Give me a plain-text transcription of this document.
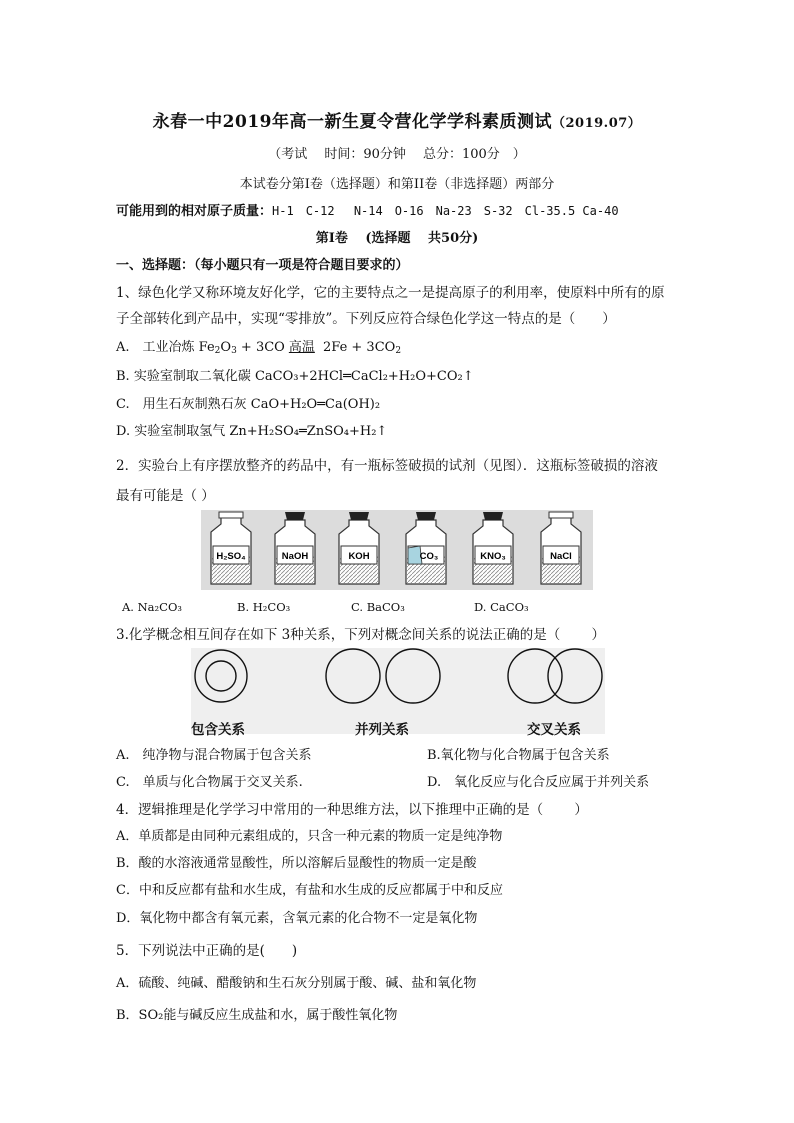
永春一中2019年高一新生夏令营化学学科素质测试（2019.07）
（考试　 时间：90分钟　 总分：100分　）
本试卷分第Ⅰ卷（选择题）和第II卷（非选择题）两部分
可能用到的相对原子质量：H-1　C-12　 N-14　O-16　Na-23　S-32　Cl-35.5 Ca-40
第Ⅰ卷　 (选择题　 共50分)
一、选择题：（每小题只有一项是符合题目要求的）
1、绿色化学又称环境友好化学，它的主要特点之一是提高原子的利用率，使原料中所有的原
子全部转化到产品中，实现“零排放”。下列反应符合绿色化学这一特点的是（　　）
A.　工业冶炼 $Fe_2O_3 + 3CO$ 高温 $2Fe + 3CO_2$
B. 实验室制取二氧化碳 CaCO₃+2HCl═CaCl₂+H₂O+CO₂↑
C.　用生石灰制熟石灰 CaO+H₂O═Ca(OH)₂
D. 实验室制取氢气 Zn+H₂SO₄═ZnSO₄+H₂↑
2．实验台上有序摆放整齐的药品中，有一瓶标签破损的试剂（见图）．这瓶标签破损的溶液
最有可能是（ ）
H₂SO₄	NaOH	KOH	CO₃	KNO₃	NaCl
A. Na₂CO₃	B. H₂CO₃	C. BaCO₃	D. CaCO₃
3.化学概念相互间存在如下 3种关系，下列对概念间关系的说法正确的是（　　 ）
包含关系	并列关系	交叉关系
A.　纯净物与混合物属于包含关系	B.氧化物与化合物属于包含关系
C.　单质与化合物属于交叉关系.	D.　氧化反应与化合反应属于并列关系
4．逻辑推理是化学学习中常用的一种思维方法，以下推理中正确的是（　　 ）
A．单质都是由同种元素组成的，只含一种元素的物质一定是纯净物
B．酸的水溶液通常显酸性，所以溶解后显酸性的物质一定是酸
C．中和反应都有盐和水生成，有盐和水生成的反应都属于中和反应
D．氧化物中都含有氧元素，含氧元素的化合物不一定是氧化物
5．下列说法中正确的是(　　)
A．硫酸、纯碱、醋酸钠和生石灰分别属于酸、碱、盐和氧化物
B．SO₂能与碱反应生成盐和水，属于酸性氧化物
